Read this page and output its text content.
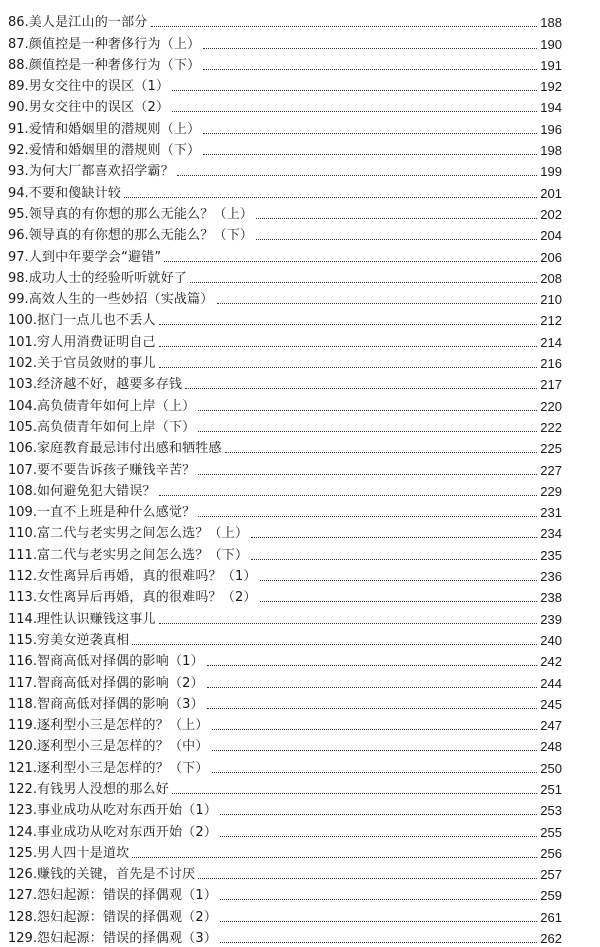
86. 美人是江山的一部分	188
87. 颜值控是一种奢侈行为（上）	190
88. 颜值控是一种奢侈行为（下）	191
89. 男女交往中的误区（1）	192
90. 男女交往中的误区（2）	194
91. 爱情和婚姻里的潜规则（上）	196
92. 爱情和婚姻里的潜规则（下）	198
93. 为何大厂都喜欢招学霸？	199
94. 不要和傻缺计较	201
95. 领导真的有你想的那么无能么？（上）	202
96. 领导真的有你想的那么无能么？（下）	204
97. 人到中年要学会“避错”	206
98. 成功人士的经验听听就好了	208
99. 高效人生的一些妙招（实战篇）	210
100. 抠门一点儿也不丢人	212
101. 穷人用消费证明自己	214
102. 关于官员敛财的事儿	216
103. 经济越不好，越要多存钱	217
104. 高负债青年如何上岸（上）	220
105. 高负债青年如何上岸（下）	222
106. 家庭教育最忌讳付出感和牺牲感	225
107. 要不要告诉孩子赚钱辛苦？	227
108. 如何避免犯大错误？	229
109. 一直不上班是种什么感觉？	231
110. 富二代与老实男之间怎么选？（上）	234
111. 富二代与老实男之间怎么选？（下）	235
112. 女性离异后再婚，真的很难吗？（1）	236
113. 女性离异后再婚，真的很难吗？（2）	238
114. 理性认识赚钱这事儿	239
115. 穷美女逆袭真相	240
116. 智商高低对择偶的影响（1）	242
117. 智商高低对择偶的影响（2）	244
118. 智商高低对择偶的影响（3）	245
119. 逐利型小三是怎样的？（上）	247
120. 逐利型小三是怎样的？（中）	248
121. 逐利型小三是怎样的？（下）	250
122. 有钱男人没想的那么好	251
123. 事业成功从吃对东西开始（1）	253
124. 事业成功从吃对东西开始（2）	255
125. 男人四十是道坎	256
126. 赚钱的关键，首先是不讨厌	257
127. 怨妇起源：错误的择偶观（1）	259
128. 怨妇起源：错误的择偶观（2）	261
129. 怨妇起源：错误的择偶观（3）	262
